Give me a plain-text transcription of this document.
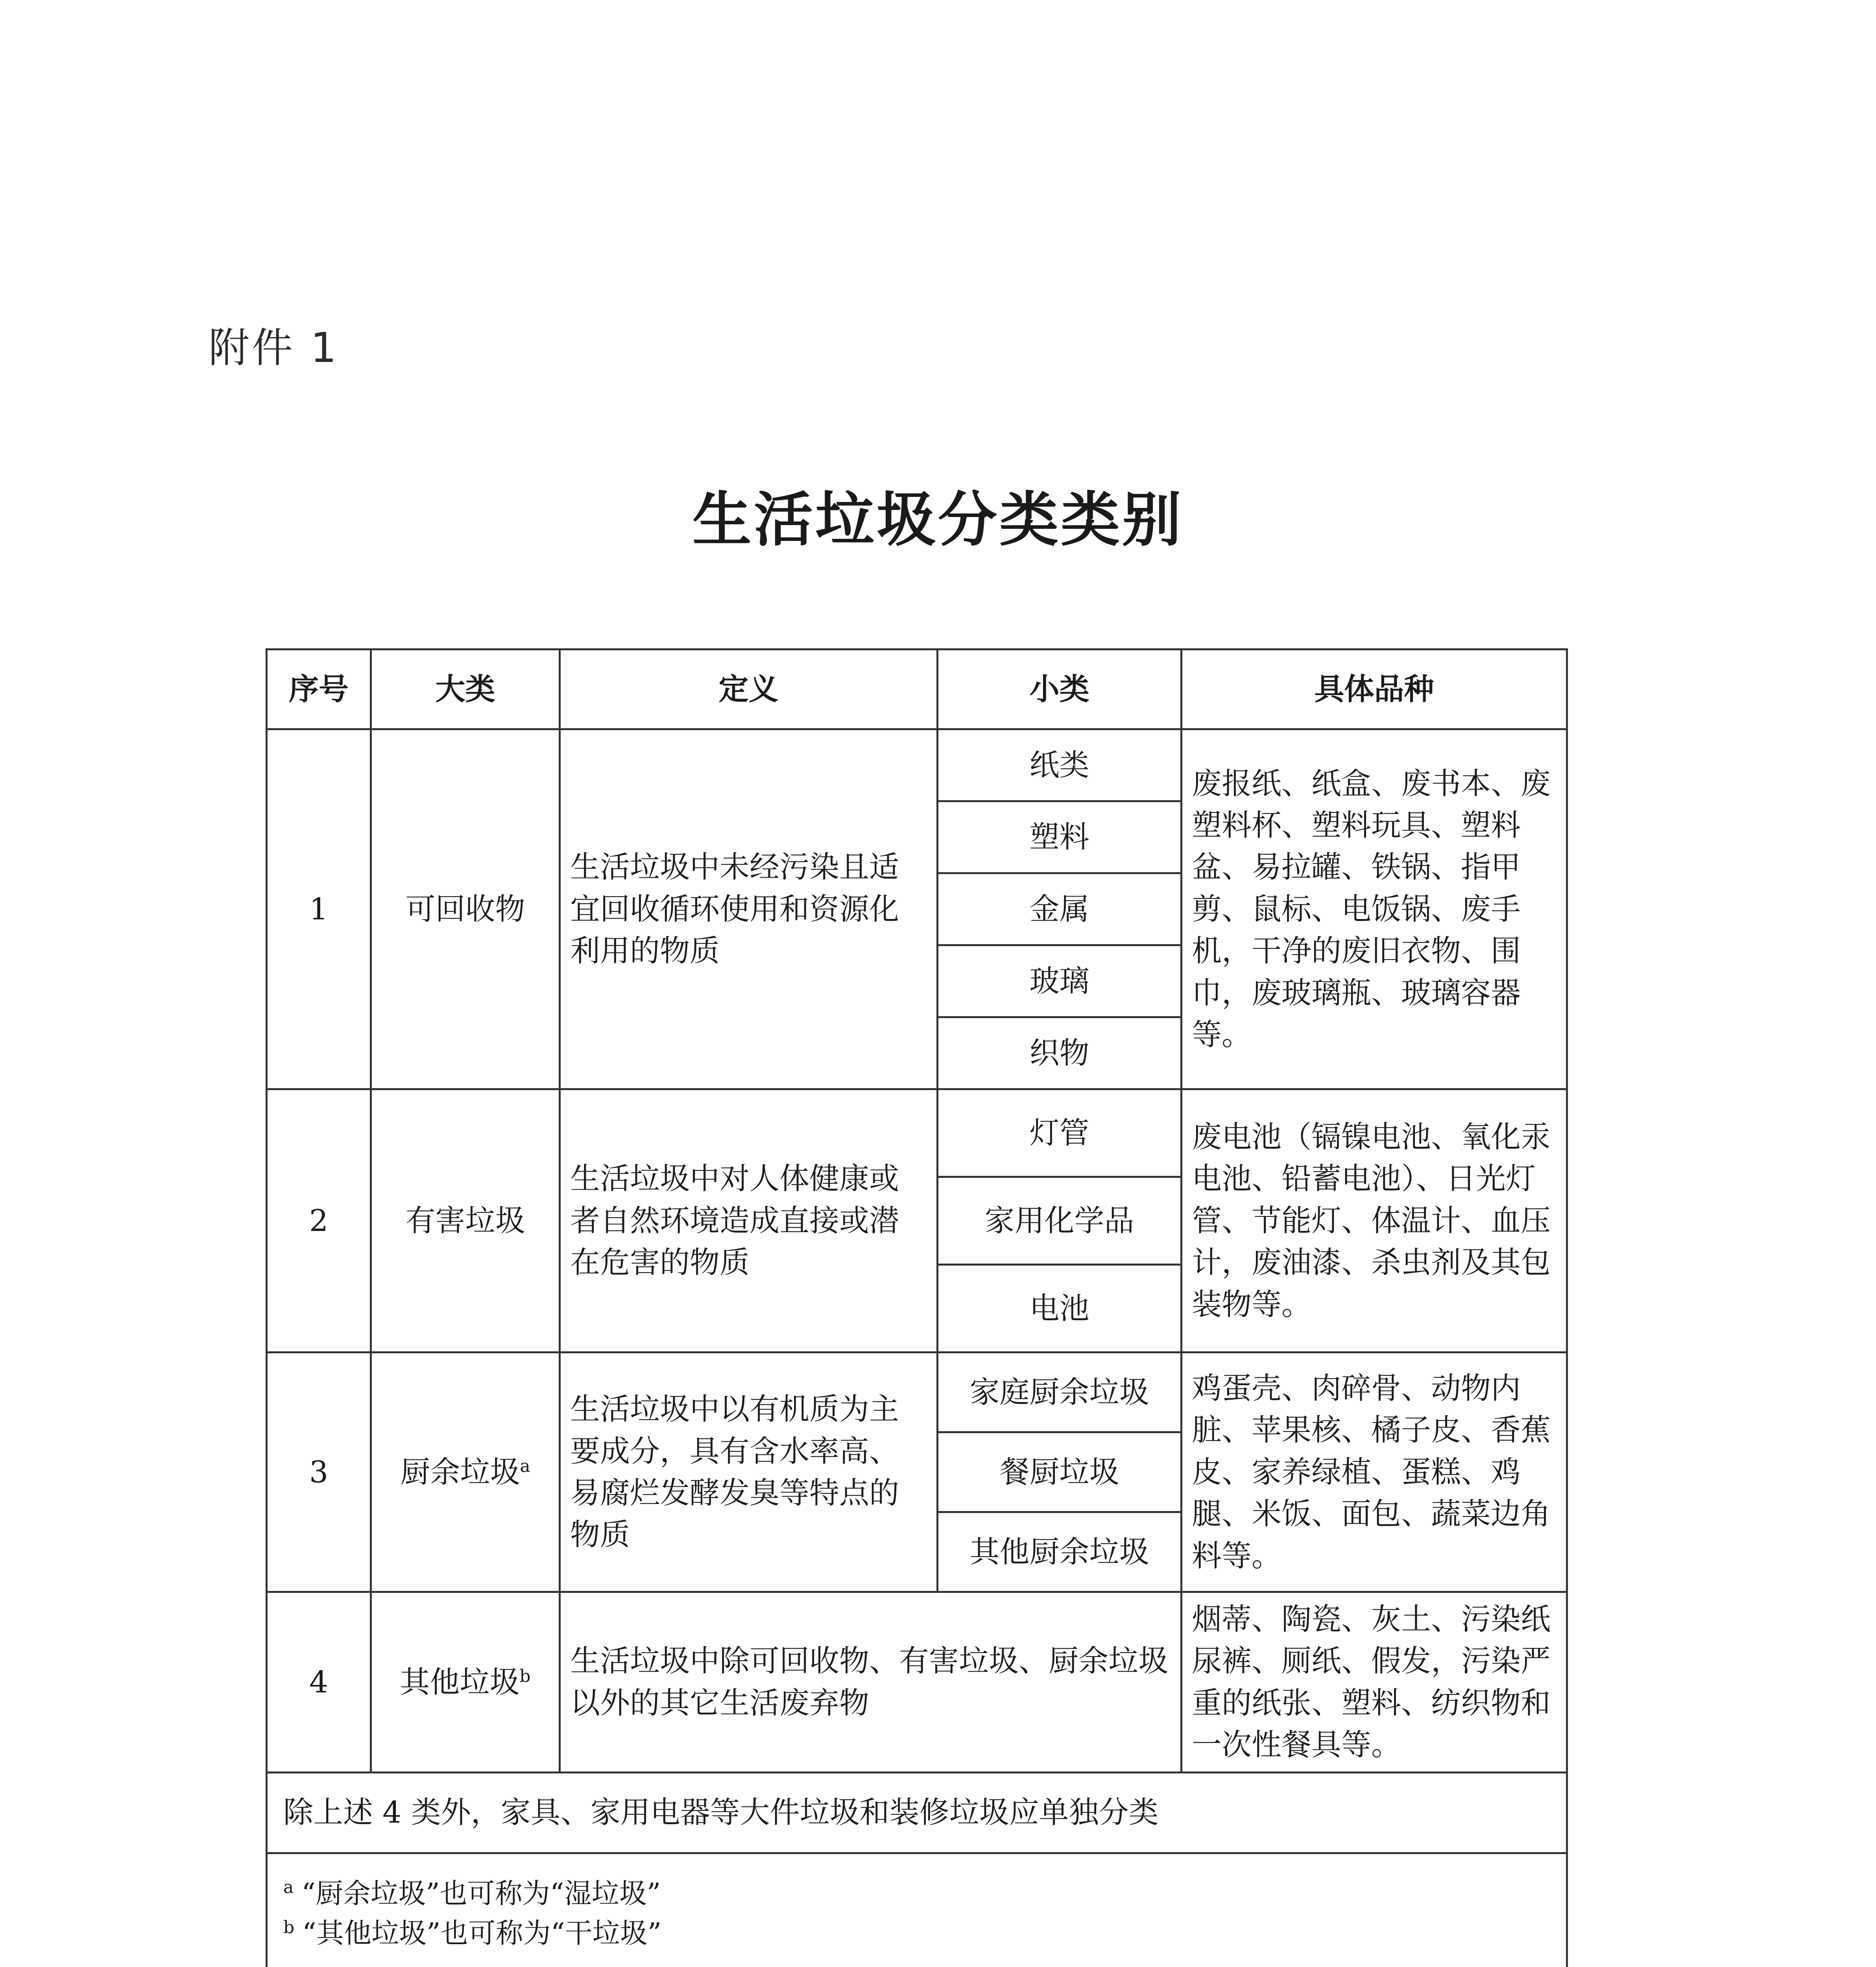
附件 1
生活垃圾分类类别
序号	大类	定义	小类	具体品种
1	可回收物	生活垃圾中未经污染且适宜回收循环使用和资源化利用的物质	纸类	废报纸、纸盒、废书本、废塑料杯、塑料玩具、塑料盆、易拉罐、铁锅、指甲剪、鼠标、电饭锅、废手机，干净的废旧衣物、围巾，废玻璃瓶、玻璃容器等。
			塑料	
			金属	
			玻璃	
			织物	
2	有害垃圾	生活垃圾中对人体健康或者自然环境造成直接或潜在危害的物质	灯管	废电池（镉镍电池、氧化汞电池、铅蓄电池）、日光灯管、节能灯、体温计、血压计，废油漆、杀虫剂及其包装物等。
			家用化学品	
			电池	
3	厨余垃圾$^a$	生活垃圾中以有机质为主要成分，具有含水率高、易腐烂发酵发臭等特点的物质	家庭厨余垃圾	鸡蛋壳、肉碎骨、动物内脏、苹果核、橘子皮、香蕉皮、家养绿植、蛋糕、鸡腿、米饭、面包、蔬菜边角料等。
			餐厨垃圾	
			其他厨余垃圾	
4	其他垃圾$^b$	生活垃圾中除可回收物、有害垃圾、厨余垃圾以外的其它生活废弃物		烟蒂、陶瓷、灰土、污染纸尿裤、厕纸、假发，污染严重的纸张、塑料、纺织物和一次性餐具等。
除上述 4 类外，家具、家用电器等大件垃圾和装修垃圾应单独分类				

$^a$ “厨余垃圾”也可称为“湿垃圾”
$^b$ “其他垃圾”也可称为“干垃圾”				
